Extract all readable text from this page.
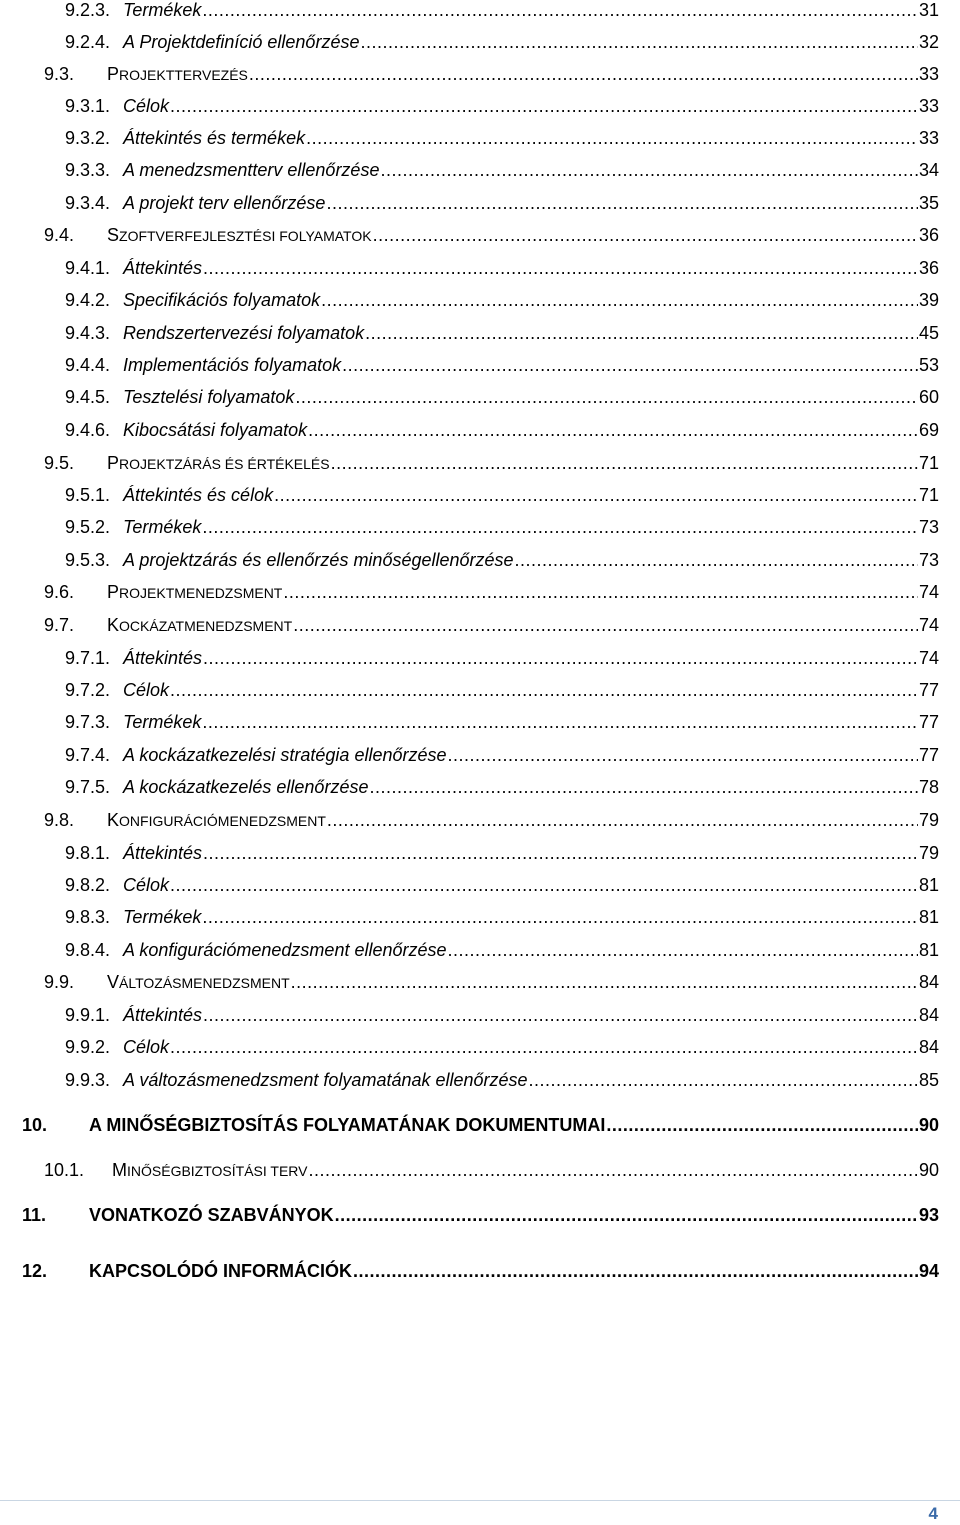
9.2.3. Termékek .....	31
9.2.4. A Projektdefiníció ellenőrzése .....	32
9.3.	PROJEKTTERVEZÉS .....	33
9.3.1. Célok .....	33
9.3.2. Áttekintés és termékek .....	33
9.3.3. A menedzsmentterv ellenőrzése .....	34
9.3.4. A projekt terv ellenőrzése .....	35
9.4.	SZOFTVERFEJLESZTÉSI FOLYAMATOK .....	36
9.4.1. Áttekintés .....	36
9.4.2. Specifikációs folyamatok .....	39
9.4.3. Rendszertervezési folyamatok .....	45
9.4.4. Implementációs folyamatok .....	53
9.4.5. Tesztelési folyamatok .....	60
9.4.6. Kibocsátási folyamatok .....	69
9.5.	PROJEKTZÁRÁS ÉS ÉRTÉKELÉS .....	71
9.5.1. Áttekintés és célok .....	71
9.5.2. Termékek .....	73
9.5.3. A projektzárás és ellenőrzés minőségellenőrzése .....	73
9.6.	PROJEKTMENEDZSMENT .....	74
9.7.	KOCKÁZATMENEDZSMENT .....	74
9.7.1. Áttekintés .....	74
9.7.2. Célok .....	77
9.7.3. Termékek .....	77
9.7.4. A kockázatkezelési stratégia ellenőrzése .....	77
9.7.5. A kockázatkezelés ellenőrzése .....	78
9.8.	KONFIGURÁCIÓMENEDZSMENT .....	79
9.8.1. Áttekintés .....	79
9.8.2. Célok .....	81
9.8.3. Termékek .....	81
9.8.4. A konfigurációmenedzsment ellenőrzése .....	81
9.9.	VÁLTOZÁSMENEDZSMENT .....	84
9.9.1. Áttekintés .....	84
9.9.2. Célok .....	84
9.9.3. A változásmenedzsment folyamatának ellenőrzése .....	85
10.	A MINŐSÉGBIZTOSÍTÁS FOLYAMATÁNAK DOKUMENTUMAI .....	90
10.1.	MINŐSÉGBIZTOSÍTÁSI TERV .....	90
11.	VONATKOZÓ SZABVÁNYOK .....	93
12.	KAPCSOLÓDÓ INFORMÁCIÓK .....	94
4
